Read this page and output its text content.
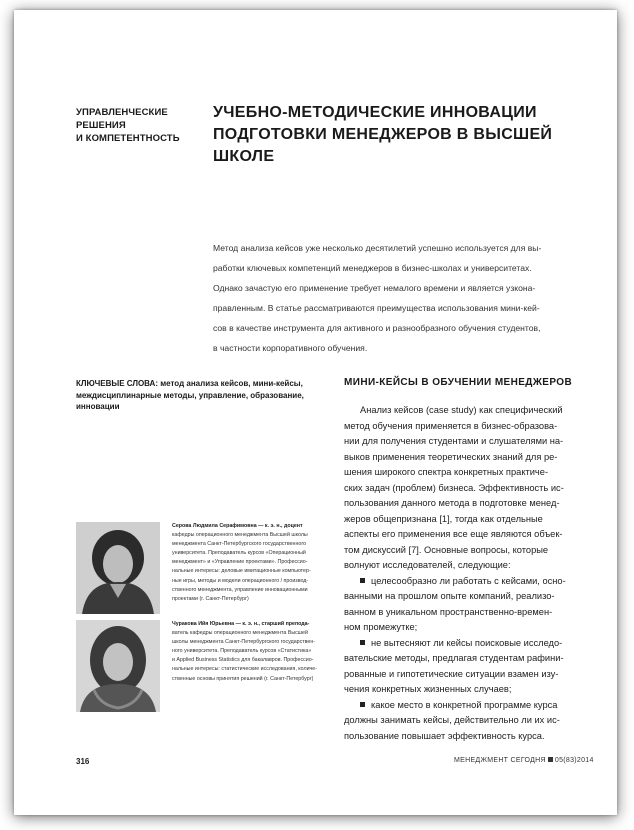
УПРАВЛЕНЧЕСКИЕ
РЕШЕНИЯ
И КОМПЕТЕНТНОСТЬ
УЧЕБНО-МЕТОДИЧЕСКИЕ ИННОВАЦИИ
ПОДГОТОВКИ МЕНЕДЖЕРОВ В ВЫСШЕЙ
ШКОЛЕ
Метод анализа кейсов уже несколько десятилетий успешно используется для вы-
работки ключевых компетенций менеджеров в бизнес-школах и университетах.
Однако зачастую его применение требует немалого времени и является узкона-
правленным. В статье рассматриваются преимущества использования мини-кей-
сов в качестве инструмента для активного и разнообразного обучения студентов,
в частности корпоративного обучения.
КЛЮЧЕВЫЕ СЛОВА: метод анализа кейсов, мини-кейсы,
междисциплинарные методы, управление, образование,
инновации
Серова Людмила Серафимовна — к. э. н., доцент
кафедры операционного менеджмента Высшей школы
менеджмента Санкт-Петербургского государственного
университета. Преподаватель курсов «Операционный
менеджмент» и «Управление проектами». Профессио-
нальные интересы: деловые имитационные компьютер-
ные игры, методы и модели операционного / производ-
ственного менеджмента, управление инновационными
проектами (г. Санкт-Петербург)
Чуракова Ийя Юрьевна — к. э. н., старший препода-
ватель кафедры операционного менеджмента Высшей
школы менеджмента Санкт-Петербургского государствен-
ного университета. Преподаватель курсов «Статистика»
и Applied Business Statistics для бакалавров. Профессио-
нальные интересы: статистические исследования, количе-
ственные основы принятия решений (г. Санкт-Петербург)
МИНИ-КЕЙСЫ В ОБУЧЕНИИ МЕНЕДЖЕРОВ
Анализ кейсов (case study) как специфический
метод обучения применяется в бизнес-образова-
нии для получения студентами и слушателями на-
выков применения теоретических знаний для ре-
шения широкого спектра конкретных практиче-
ских задач (проблем) бизнеса. Эффективность ис-
пользования данного метода в подготовке менед-
жеров общепризнана [1], тогда как отдельные
аспекты его применения все еще являются объек-
том дискуссий [7]. Основные вопросы, которые
волнуют исследователей, следующие:
целесообразно ли работать с кейсами, осно-
ванными на прошлом опыте компаний, реализо-
ванном в уникальном пространственно-времен-
ном промежутке;
не вытесняют ли кейсы поисковые исследо-
вательские методы, предлагая студентам рафини-
рованные и гипотетические ситуации взамен изу-
чения конкретных жизненных случаев;
какое место в конкретной программе курса
должны занимать кейсы, действительно ли их ис-
пользование повышает эффективность курса.
316	МЕНЕДЖМЕНТ СЕГОДНЯ 05(83)2014
